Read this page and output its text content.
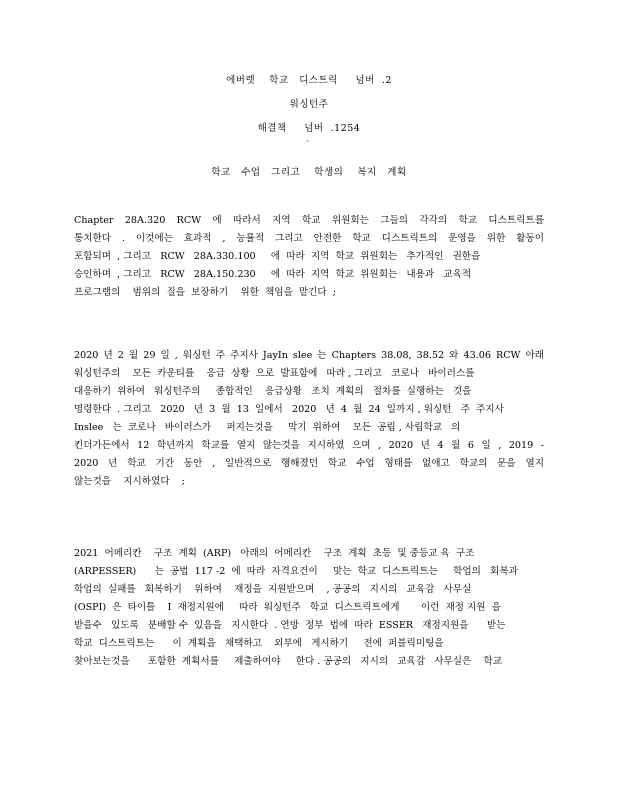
에버렛    학교   디스트릭     넘버  .2
워싱턴주
해결책     넘버  .1254
`
학교   수업   그리고    학생의    복지   계획
Chapter 28A.320 RCW 에 따라서 지역 학교 위원회는 그들의 각각의 학교 디스트릭트를
통치한다 . 이것에는 효과적 , 능률적 그리고 안전한 학교 디스트릭트의 운영을 위한 활동이
포함되며  , 그리고   RCW   28A.330.100     에  따라  지역  학교  위원회는   추가적인   권한을
승인하며  , 그리고   RCW   28A.150.230     에  따라  지역  학교  위원회는   내용과   교육적
프로그램의    범위의  질을  보장하기    위한  책임을  맡긴다  ;
2020 년 2 월 29 일 , 워싱턴 주 주지사 JayIn slee 는 Chapters 38.08, 38.52 와 43.06 RCW 아래
워싱턴주의    모든  카운티를    응급  상황  으로  발표함에   따라 , 그리고   코로나   바이러스를
대응하기  위하여   워싱턴주의     종합적인    응급상황   조치  계획의   절차를  실행하는   것을
명령한다  . 그리고   2020   년  3  월  13  일에서   2020   년  4  월  24  일까지 , 워싱턴   주  주지사
Inslee   는  코로나   바이러스가     퍼지는것을     막기  위하여    모든  공립 , 사립학교   의
킨더가든에서 12 학년까지 학교를 열지 않는것을 지시하였 으며 , 2020 년 4 월 6 일 , 2019 -
2020 년 학교 기간 동안 , 일반적으로 행해졌던 학교 수업 형태를 없애고 학교의 문을 열지
않는것을    지시하였다    ;
2021  어메리칸    구조  계획  (ARP)   아래의  어메리칸    구조  계획  초등  및 중등교 육  구조
(ARPESSER)      는  공법  117 -2  에  따라  자격요건이     맞는  학교  디스트릭트는     학업의   회복과
학업의  실패를   회복하기    위하여    재정을  지원받으며    , 공공의   지시의   교육감   사무실
(OSPI)  은  타이틀    I  재정지원에     따라  워싱턴주   학교  디스트릭트에게       이런  재정 지원  을
받을수   있도록   분배할 수  있음을   지시한다  . 연방  정부  법에  따라  ESSER   재정지원을      받는
학교  디스트릭트는      이  계획을   채택하고    외부에   게시하기     전에  퍼블릭미팅을
찾아보는것을      포함한  계획서를     제출하여야     한다 . 공공의   지시의   교육감   사무실은    학교
